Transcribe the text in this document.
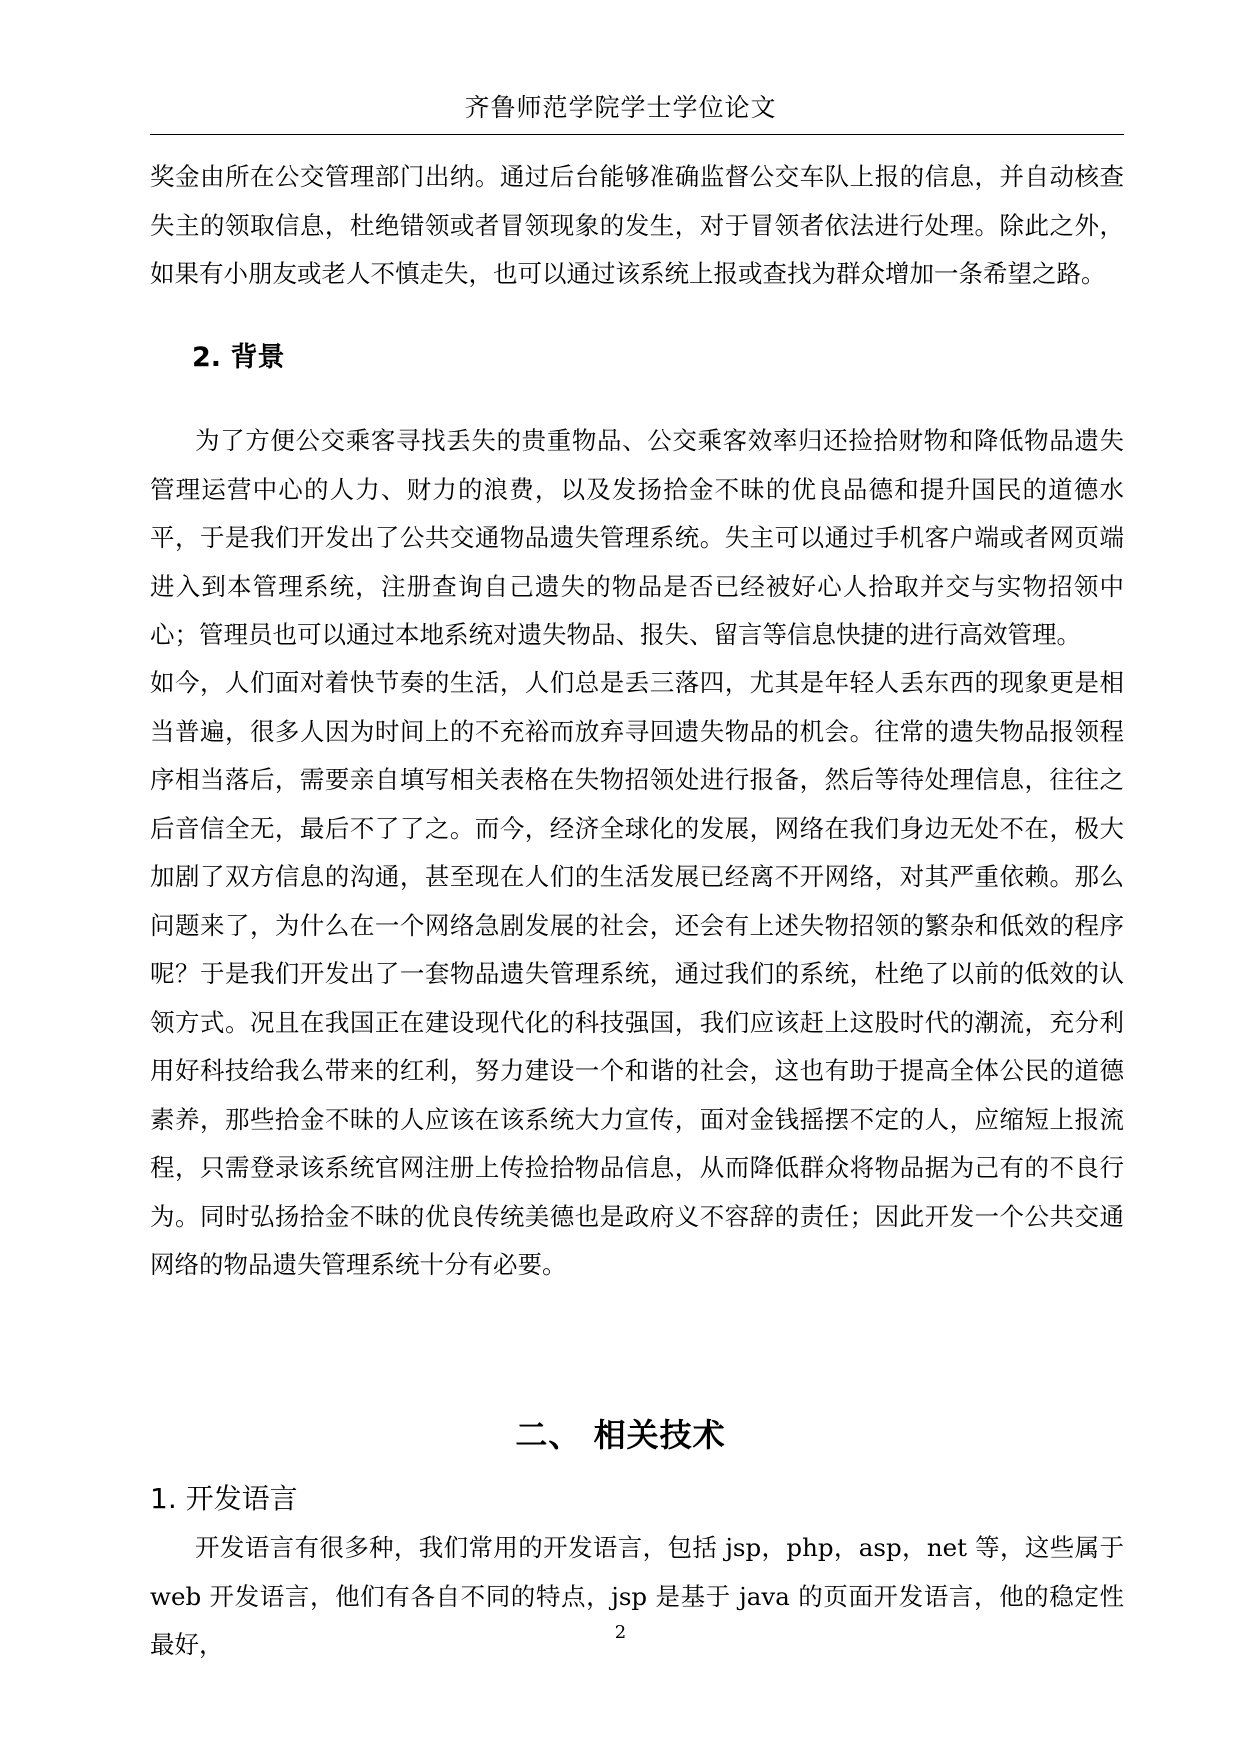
齐鲁师范学院学士学位论文

奖金由所在公交管理部门出纳。通过后台能够准确监督公交车队上报的信息，并自动核查失主的领取信息，杜绝错领或者冒领现象的发生，对于冒领者依法进行处理。除此之外，如果有小朋友或老人不慎走失，也可以通过该系统上报或查找为群众增加一条希望之路。

2. 背景

为了方便公交乘客寻找丢失的贵重物品、公交乘客效率归还捡拾财物和降低物品遗失管理运营中心的人力、财力的浪费，以及发扬拾金不昧的优良品德和提升国民的道德水平，于是我们开发出了公共交通物品遗失管理系统。失主可以通过手机客户端或者网页端进入到本管理系统，注册查询自己遗失的物品是否已经被好心人拾取并交与实物招领中心；管理员也可以通过本地系统对遗失物品、报失、留言等信息快捷的进行高效管理。

如今，人们面对着快节奏的生活，人们总是丢三落四，尤其是年轻人丢东西的现象更是相当普遍，很多人因为时间上的不充裕而放弃寻回遗失物品的机会。往常的遗失物品报领程序相当落后，需要亲自填写相关表格在失物招领处进行报备，然后等待处理信息，往往之后音信全无，最后不了了之。而今，经济全球化的发展，网络在我们身边无处不在，极大加剧了双方信息的沟通，甚至现在人们的生活发展已经离不开网络，对其严重依赖。那么问题来了，为什么在一个网络急剧发展的社会，还会有上述失物招领的繁杂和低效的程序呢？于是我们开发出了一套物品遗失管理系统，通过我们的系统，杜绝了以前的低效的认领方式。况且在我国正在建设现代化的科技强国，我们应该赶上这股时代的潮流，充分利用好科技给我么带来的红利，努力建设一个和谐的社会，这也有助于提高全体公民的道德素养，那些拾金不昧的人应该在该系统大力宣传，面对金钱摇摆不定的人，应缩短上报流程，只需登录该系统官网注册上传捡拾物品信息，从而降低群众将物品据为己有的不良行为。同时弘扬拾金不昧的优良传统美德也是政府义不容辞的责任；因此开发一个公共交通网络的物品遗失管理系统十分有必要。

二、 相关技术
1. 开发语言

开发语言有很多种，我们常用的开发语言，包括 jsp，php，asp，net 等，这些属于 web 开发语言，他们有各自不同的特点，jsp 是基于 java 的页面开发语言，他的稳定性最好，	2
